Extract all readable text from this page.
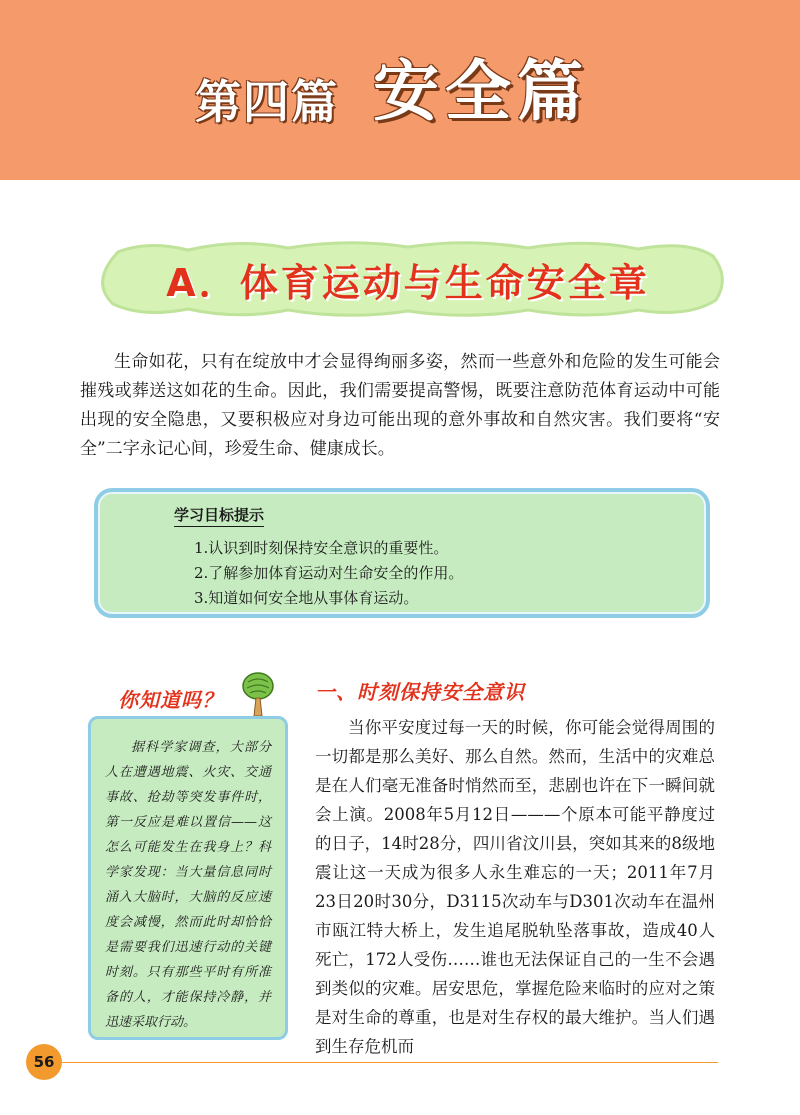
第四篇 安全篇
A．体育运动与生命安全章

生命如花，只有在绽放中才会显得绚丽多姿，然而一些意外和危险的发生可能会摧残或葬送这如花的生命。因此，我们需要提高警惕，既要注意防范体育运动中可能出现的安全隐患，又要积极应对身边可能出现的意外事故和自然灾害。我们要将“安全”二字永记心间，珍爱生命、健康成长。

学习目标提示
1.认识到时刻保持安全意识的重要性。
2.了解参加体育运动对生命安全的作用。
3.知道如何安全地从事体育运动。
你知道吗？

据科学家调查，大部分人在遭遇地震、火灾、交通事故、抢劫等突发事件时，第一反应是难以置信——这怎么可能发生在我身上？科学家发现：当大量信息同时涌入大脑时，大脑的反应速度会减慢，然而此时却恰恰是需要我们迅速行动的关键时刻。只有那些平时有所准备的人，才能保持冷静，并迅速采取行动。

一、时刻保持安全意识

当你平安度过每一天的时候，你可能会觉得周围的一切都是那么美好、那么自然。然而，生活中的灾难总是在人们毫无准备时悄然而至，悲剧也许在下一瞬间就会上演。2008年5月12日———个原本可能平静度过的日子，14时28分，四川省汶川县，突如其来的8级地震让这一天成为很多人永生难忘的一天；2011年7月23日20时30分，D3115次动车与D301次动车在温州市瓯江特大桥上，发生追尾脱轨坠落事故，造成40人死亡，172人受伤……谁也无法保证自己的一生不会遇到类似的灾难。居安思危，掌握危险来临时的应对之策是对生命的尊重，也是对生存权的最大维护。当人们遇到生存危机而

56
